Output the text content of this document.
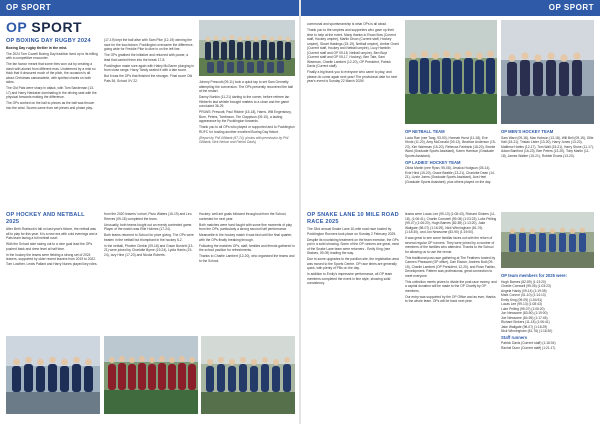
OP SPORT
OP SPORT
OP BOXING DAY RUGBY 2024
Boxing Day rugby thriller in the mist.

The 2024 Tom Cowell Boxing Day tradition lived up to its billing with a competitive encounter.

The fan favour meant that some tries won out by creating a clash with alumni from different eras. Undeterred by a mist so thick that it obscured much of the pitch, the occasion is all about Christmas camaraderie, with spirited chants on both sides.

The Old Pats were sharp in attack, with Tom Sandeman (13-17) and Harry Hardaker dominating in the driving seat with the physical forwards making the difference.

The OPs worked on the ball to pieces as the ball was thrown into the wind. Scores came from set pieces and phase play.

(17-19) kept the ball alive with Sam Pike (12-19) winning the race for the touchdown. Pocklington overcame the difference, going wide for Freddie Pike to dive in on the left line.

The OPs grabbed the initiative and returned with power, a lead that carried them into the break 17-8.

Pocklington made sure again with Haley McGaren plunging in from close range. Harry Tandy sealed it with a late score.

But it was the OPs that finished the stronger. Final score Old Pats 36, School XV 22.	Johnny Prescott (09-11) took a quick tap to set Sam Gennelly attempting the conversion. The OPs presently recovered the ball at the restart.

Danny Nunkin (11-21) darting to the corner, before referee Ian Hibbert's last whistle brought matters to a close and the game concluded 36-29.

PRLWS: Prescott, Paul Ritchie (15-18), Harris, Will Engersbury, Burn, Peters, Tomlinson. Tim Clappison (09-10), a lasting appearance by the Pocklington forwards.

Thank you to all OPs who played or supported and to Pocklington RUFC for hosting another excellent Boxing Day fixture.

(Report by Phil Gillbank (67-74), photos with permission by Phil Gillbank, Nick Nelson and Patrick Davis)
OP HOCKEY AND NETBALL 2025

After Beth Roebuck's fall on last year's fixture, the netball was all to play for this year. It is a new era with cold evenings and a Pats team facing a full netball court.

With the School side racing out to a nine goal lead the OPs pushed back and drew level at half time.

In the hockey the teams were fielding a strong set of 2024 leavers, supported by older recent leavers from 2019 to 2022. Tom Lowther, Lewis Pallant and Harry Nunes played key roles.

from the 2020 leavers' cohort, Pluto Waters (15-19) and Leo Reeves (09-18) completed the team.

Unusually, both teams fought out an evenly contested game. Player of the match was Ellie Holmes (17-24).

Both teams returned to School for prize giving. The OPs were beaten in the netball but triumphant in the hockey 5-2.

In the netball, Phoebe Clerkin (09-18) and Grace Burdett (13-21) were joined by Charlotte Byrne (19-24), Lydia Harris (19-24), Izzy Hine (17-23) and Nicola Roberts.

Hockey: well-set goals followed throughout from the School, contested for next year.

Both matches were hard fought with some fine moments of play from the OPs, particularly a strong second half performance.

Meanwhile in the hockey match it was tied until the final quarter, with the OPs finally breaking through.

Following the matches OPs, staff, families and friends gathered in the school pavilion for refreshments.

Thanks to Charlie Lambert (12-20), who organised the teams and to the School.

OP SPORT

communal and sportsmanship is what OPs is all about.

Thank you to the umpires and supporters who gave up their time to help at the event. Many thanks to Ewan Bow (Current staff, Hockey umpire), Martin Dixon (Current staff, Hockey umpire), Stuart Hastings (15-19), Netball umpire), Amber Grant (Current staff, Hockey and Netball umpire), Lucy Hamblin (Current staff and OP 09-18, Netball umpire), Ben Boyt (Current staff and OP 09-17, Hockey), Ben Tate, Sam Wiseman, Charlie Lambert (12-20), OP President, Patrick Davis (Current staff).

Finally a big thank you to everyone who came to play, and please do come again next year! The provisional date for next year's event is Sunday 22 March 2026!

OP NETBALL TEAM

Lucia Rae (nee Tang, 93-00), Hannah Hurst (11-18), Eve Hinds (11-20), Amy McDonald (09-12), Beatrice Anderson (15-23), Kim Wainman (15-20), Rebecca Fairbank (18-20), Bronte Ward (Graduate Sports Assistant), Karen Harrison (Graduate Sports Assistant).

OP LADIES' HOCKEY TEAM

Olivia Martin (nee Ryan, 95-08), Jessica Hodgson (05-14), Evie Hind (15-20), Grace Beattie (13-21), Charlotte Dean (14-21), Lizzie Jones (Graduate Sports Assistant), Ava Heel (Graduate Sports Assistant), plus others played on the day.

OP MEN'S HOCKEY TEAM

Sam Ward (09-18), Max Hobson (13-18), Will Bell (09-15), Ollie Hall (15-21), Tristan Lister (13-20), Harry Jones (13-20), Matthew Hobbs (12-17), Tom Wall (15-21), Harry Stone (11-17), Adam Bamford (16-23), Ben Peters (13-20), Toby Martin (11-18), James Walker (15-21), Robbie Evans (13-20).

OP SNAKE LANE 10 MILE ROAD RACE 2025

The 33rd annual Snake Lane 10-mile road race hosted by Pocklington Runners took place on Sunday 2 February 2025.

Despite its nourishing treatment on the team exercise, the OPs put in a solid showing. Some of the OP runners are great, most of the Snake Lane team were returners - Emily King (nee Staines, 09-09) leading the way.

Due to some upgrades to the pavilion site, the registration area was moved to the Sports Centre. OP race times are generally quick, with plenty of PBs on the day.

In addition to Emily's impressive performance, all OP team members completed the event in fine style, showing solid consistency.

teams were Lucas Lee (99-13) (1:08:43), Richard Sinkers (11-18), (1:06:41), Charlie Cornwell (99-05) (1:03:23), Luke Pelling (99-07) (1:06:20), Hugh Barnes (82-89) (1:13:20), Jake Waligate (98-07) (1:16:29), Nick Winningham (81-76) (1:18:30), and Jon Newsome (83-90) (1:19:00).

It was great to see some familiar faces out with the return of several regular OP runners. They were joined by a number of members of the families who attended. Thanks to the School for allowing us to use the venue.

This traditional post-race gathering at The Feathers hosted by Carmen Pheasant (OP office), Dan Elsdon, Andrew Butt (09-15), Charlie Lambert (OP President, 12-20), and Rose Fairfax. Development. Pattern was professional, great connection to meet everyone.

This collection meets prizes to divide the post-race money, and a capital donation will be made to the OP Charity by OP members.

Our entry was supported by the OP Office and as ever, thanks to the whole team. OPs will be back next year.

OP team members for 2025 were:
Hugh Barnes (82-89) (1:13:20)
Charlie Cornwell (99-05) (1:03:23)
Angela Hardy (09-14) (1:19:35)
Mark Connor (01-10) (1:14:13)
Emily King (09-09) (1:04:51)
Lucas Lee (99-13) (1:08:43)
Luke Pelling (99-07) (1:06:20)
Jon Newsome (83-90) (1:19:00)
Joe Newsome (84-95) (1:17:45)
Richard Sinkers (11-18) (1:06:41)
Jake Waligate (98-07) (1:16:29)
Nick Winningham (81-76) (1:18:30)
Staff runners
Patrick Davis (Current staff) (1:16:04)
Rachel Dunn (Current staff) (1:21:17)
